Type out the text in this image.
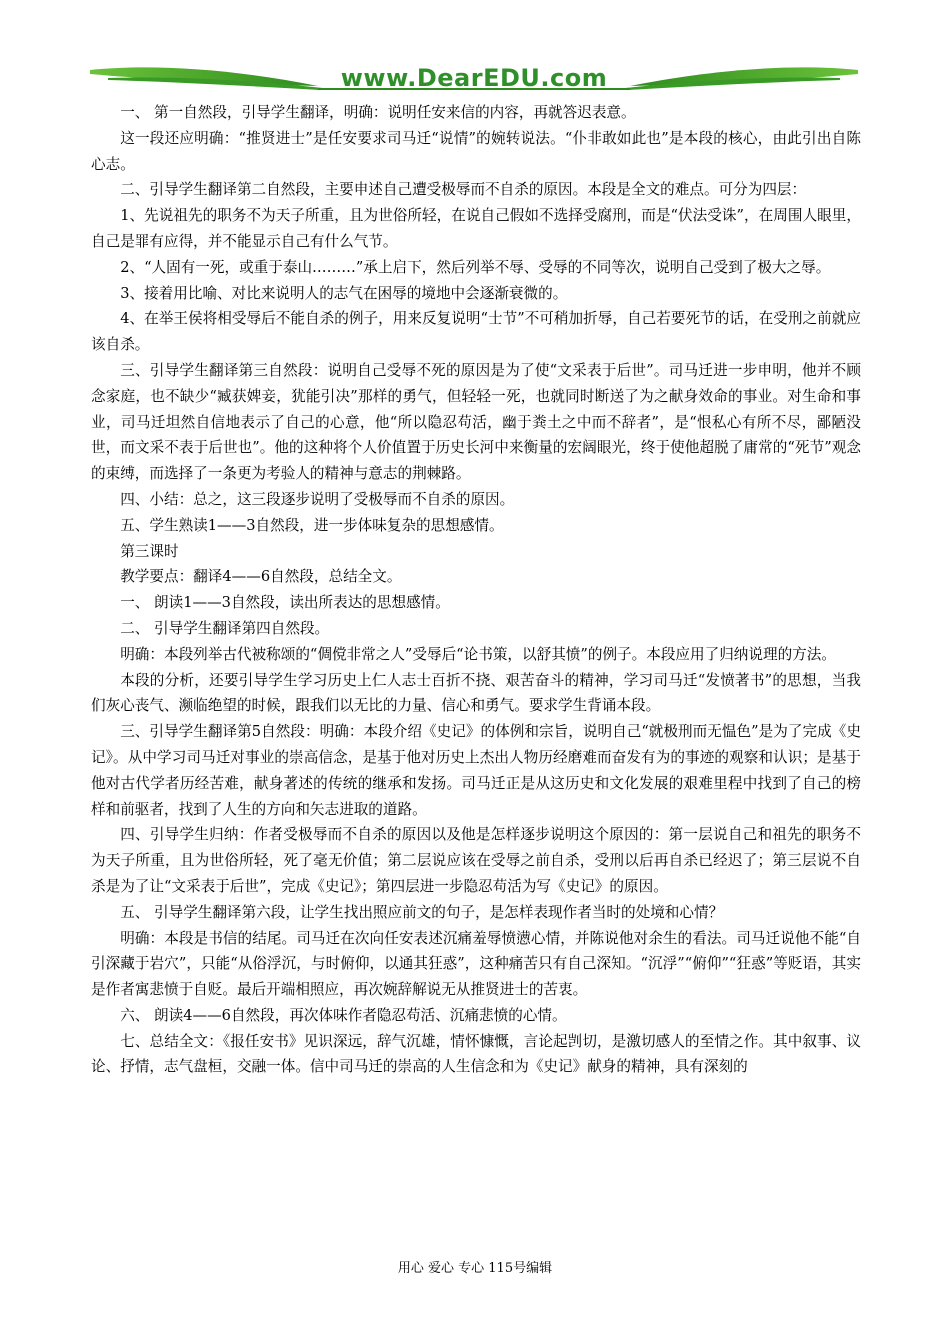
www.DearEDU.com

一、 第一自然段，引导学生翻译，明确：说明任安来信的内容，再就答迟表意。

这一段还应明确：“推贤进士”是任安要求司马迁“说情”的婉转说法。“仆非敢如此也”是本段的核心，由此引出自陈心志。

二、引导学生翻译第二自然段，主要申述自己遭受极辱而不自杀的原因。本段是全文的难点。可分为四层：

1、先说祖先的职务不为天子所重，且为世俗所轻，在说自己假如不选择受腐刑，而是“伏法受诛”，在周围人眼里，自己是罪有应得，并不能显示自己有什么气节。

2、“人固有一死，或重于泰山………”承上启下，然后列举不辱、受辱的不同等次，说明自己受到了极大之辱。

3、接着用比喻、对比来说明人的志气在困辱的境地中会逐渐衰微的。

4、在举王侯将相受辱后不能自杀的例子，用来反复说明“士节”不可稍加折辱，自己若要死节的话，在受刑之前就应该自杀。

三、引导学生翻译第三自然段：说明自己受辱不死的原因是为了使“文采表于后世”。司马迁进一步申明，他并不顾念家庭，也不缺少“臧获婢妾，犹能引决”那样的勇气，但轻轻一死，也就同时断送了为之献身效命的事业。对生命和事业，司马迁坦然自信地表示了自己的心意，他“所以隐忍苟活，幽于粪土之中而不辞者”，是“恨私心有所不尽，鄙陋没世，而文采不表于后世也”。他的这种将个人价值置于历史长河中来衡量的宏阔眼光，终于使他超脱了庸常的“死节”观念的束缚，而选择了一条更为考验人的精神与意志的荆棘路。

四、小结：总之，这三段逐步说明了受极辱而不自杀的原因。

五、学生熟读1——3自然段，进一步体味复杂的思想感情。

第三课时

教学要点：翻译4——6自然段，总结全文。

一、 朗读1——3自然段，读出所表达的思想感情。

二、 引导学生翻译第四自然段。

明确：本段列举古代被称颂的“倜傥非常之人”受辱后“论书策，以舒其愤”的例子。本段应用了归纳说理的方法。

本段的分析，还要引导学生学习历史上仁人志士百折不挠、艰苦奋斗的精神，学习司马迁“发愤著书”的思想，当我们灰心丧气、濒临绝望的时候，跟我们以无比的力量、信心和勇气。要求学生背诵本段。

三、引导学生翻译第5自然段：明确：本段介绍《史记》的体例和宗旨，说明自己“就极刑而无愠色”是为了完成《史记》。从中学习司马迁对事业的崇高信念，是基于他对历史上杰出人物历经磨难而奋发有为的事迹的观察和认识；是基于他对古代学者历经苦难，献身著述的传统的继承和发扬。司马迁正是从这历史和文化发展的艰难里程中找到了自己的榜样和前驱者，找到了人生的方向和矢志进取的道路。

四、引导学生归纳：作者受极辱而不自杀的原因以及他是怎样逐步说明这个原因的：第一层说自己和祖先的职务不为天子所重，且为世俗所轻，死了毫无价值；第二层说应该在受辱之前自杀，受刑以后再自杀已经迟了；第三层说不自杀是为了让“文采表于后世”，完成《史记》；第四层进一步隐忍苟活为写《史记》的原因。

五、 引导学生翻译第六段，让学生找出照应前文的句子，是怎样表现作者当时的处境和心情？

明确：本段是书信的结尾。司马迁在次向任安表述沉痛羞辱愤懑心情，并陈说他对余生的看法。司马迁说他不能“自引深藏于岩穴”，只能“从俗浮沉，与时俯仰，以通其狂惑”，这种痛苦只有自己深知。“沉浮”“俯仰”“狂惑”等贬语，其实是作者寓悲愤于自贬。最后开端相照应，再次婉辞解说无从推贤进士的苦衷。

六、 朗读4——6自然段，再次体味作者隐忍苟活、沉痛悲愤的心情。

七、总结全文：《报任安书》见识深远，辞气沉雄，情怀慷慨，言论起剀切，是激切感人的至情之作。其中叙事、议论、抒情，志气盘桓，交融一体。信中司马迁的崇高的人生信念和为《史记》献身的精神，具有深刻的

用心 爱心 专心 115号编辑
